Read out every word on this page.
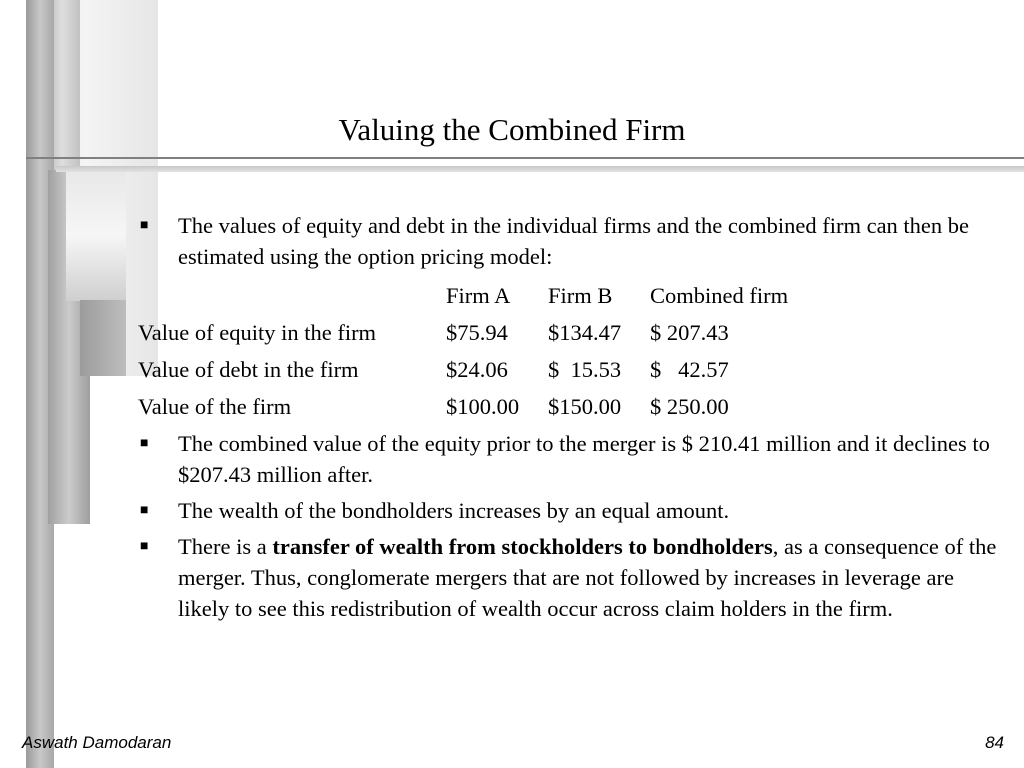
Valuing the Combined Firm
■
The values of equity and debt in the individual firms and the combined firm can then be estimated using the option pricing model:
	Firm A	Firm B	Combined firm
Value of equity in the firm	$75.94	$134.47	$ 207.43
Value of debt in the firm	$24.06	$  15.53	$   42.57
Value of the firm	$100.00	$150.00	$ 250.00
■
The combined value of the equity prior to the merger is $ 210.41 million and it declines to $207.43 million after.
■
The wealth of the bondholders increases by an equal amount.
■
There is a transfer of wealth from stockholders to bondholders, as a consequence of the merger. Thus, conglomerate mergers that are not followed by increases in leverage are likely to see this redistribution of wealth occur across claim holders in the firm.
Aswath Damodaran	84
